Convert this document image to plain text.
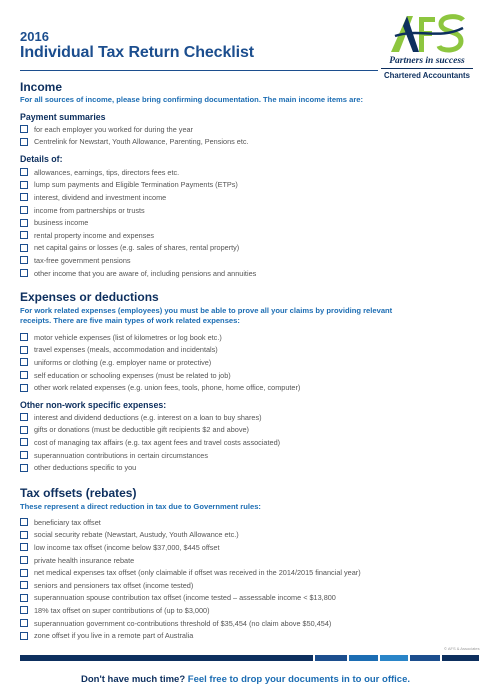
2016
Individual Tax Return Checklist	Partners in success
Chartered Accountants
Income
For all sources of income, please bring confirming documentation. The main income items are:
Payment summaries
for each employer you worked for during the year
Centrelink for Newstart, Youth Allowance, Parenting, Pensions etc.
Details of:
allowances, earnings, tips, directors fees etc.
lump sum payments and Eligible Termination Payments (ETPs)
interest, dividend and investment income
income from partnerships or trusts
business income
rental property income and expenses
net capital gains or losses (e.g. sales of shares, rental property)
tax-free government pensions
other income that you are aware of, including pensions and annuities
Expenses or deductions
For work related expenses (employees) you must be able to prove all your claims by providing relevant receipts. There are five main types of work related expenses:
motor vehicle expenses (list of kilometres or log book etc.)
travel expenses (meals, accommodation and incidentals)
uniforms or clothing (e.g. employer name or protective)
self education or schooling expenses (must be related to job)
other work related expenses (e.g. union fees, tools, phone, home office, computer)
Other non-work specific expenses:
interest and dividend deductions (e.g. interest on a loan to buy shares)
gifts or donations (must be deductible gift recipients $2 and above)
cost of managing tax affairs (e.g. tax agent fees and travel costs associated)
superannuation contributions in certain circumstances
other deductions specific to you
Tax offsets (rebates)
These represent a direct reduction in tax due to Government rules:
beneficiary tax offset
social security rebate (Newstart, Austudy, Youth Allowance etc.)
low income tax offset (income below $37,000, $445 offset
private health insurance rebate
net medical expenses tax offset (only claimable if offset was received in the 2014/2015 financial year)
seniors and pensioners tax offset (income tested)
superannuation spouse contribution tax offset (income tested – assessable income < $13,800
18% tax offset on super contributions of (up to $3,000)
superannuation government co-contributions threshold of $35,454 (no claim above $50,454)
zone offset if you live in a remote part of Australia
© AFS & Associates
Don't have much time? Feel free to drop your documents in to our office.
